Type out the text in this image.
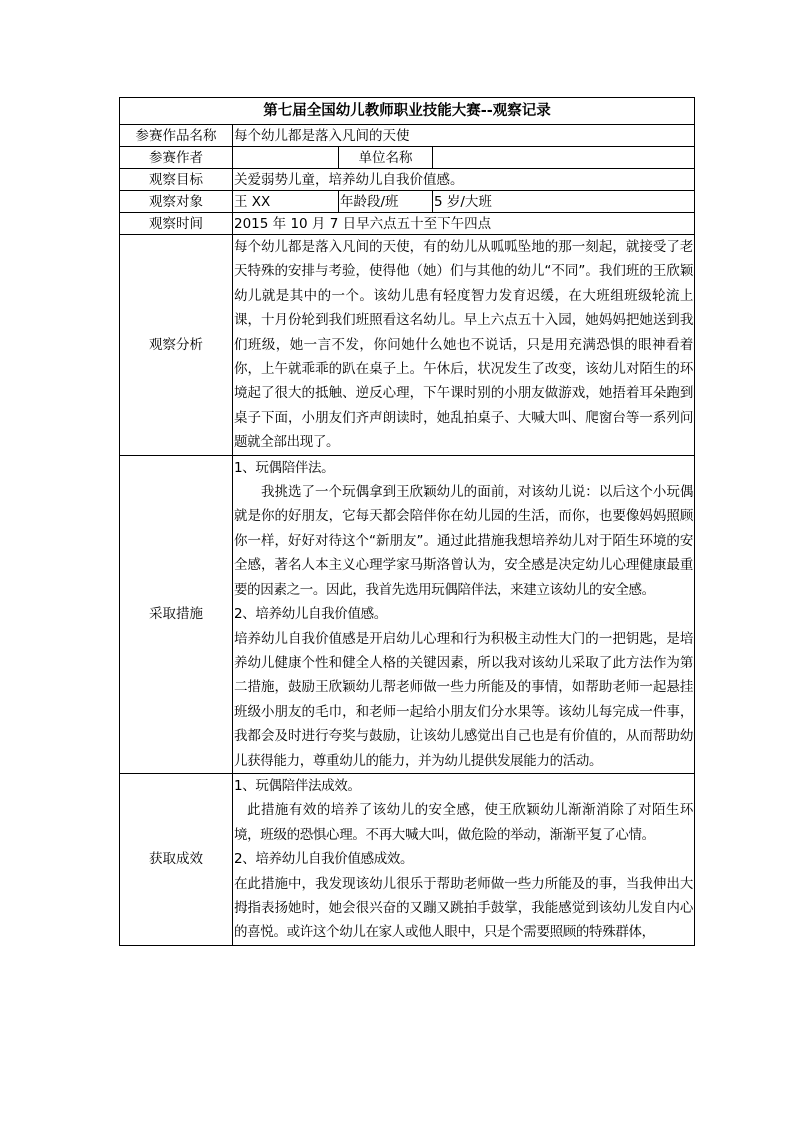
第七届全国幼儿教师职业技能大赛--观察记录			
参赛作品名称	每个幼儿都是落入凡间的天使		
参赛作者		单位名称	
观察目标	关爱弱势儿童，培养幼儿自我价值感。		
观察对象	王 XX	年龄段/班	5 岁/大班
观察时间	2015 年 10 月 7 日早六点五十至下午四点		
观察分析	每个幼儿都是落入凡间的天使，有的幼儿从呱呱坠地的那一刻起，就接受了老天特殊的安排与考验，使得他（她）们与其他的幼儿“不同”。我们班的王欣颖幼儿就是其中的一个。该幼儿患有轻度智力发育迟缓，在大班组班级轮流上课，十月份轮到我们班照看这名幼儿。早上六点五十入园，她妈妈把她送到我们班级，她一言不发，你问她什么她也不说话，只是用充满恐惧的眼神看着你，上午就乖乖的趴在桌子上。午休后，状况发生了改变，该幼儿对陌生的环境起了很大的抵触、逆反心理，下午课时别的小朋友做游戏，她捂着耳朵跑到桌子下面，小朋友们齐声朗读时，她乱拍桌子、大喊大叫、爬窗台等一系列问题就全部出现了。		

采取措施	1、玩偶陪伴法。

我挑选了一个玩偶拿到王欣颖幼儿的面前，对该幼儿说：以后这个小玩偶就是你的好朋友，它每天都会陪伴你在幼儿园的生活，而你，也要像妈妈照顾你一样，好好对待这个“新朋友”。通过此措施我想培养幼儿对于陌生环境的安全感，著名人本主义心理学家马斯洛曾认为，安全感是决定幼儿心理健康最重要的因素之一。因此，我首先选用玩偶陪伴法，来建立该幼儿的安全感。

2、培养幼儿自我价值感。

培养幼儿自我价值感是开启幼儿心理和行为积极主动性大门的一把钥匙，是培养幼儿健康个性和健全人格的关键因素，所以我对该幼儿采取了此方法作为第二措施，鼓励王欣颖幼儿帮老师做一些力所能及的事情，如帮助老师一起悬挂班级小朋友的毛巾，和老师一起给小朋友们分水果等。该幼儿每完成一件事，我都会及时进行夸奖与鼓励，让该幼儿感觉出自己也是有价值的，从而帮助幼儿获得能力，尊重幼儿的能力，并为幼儿提供发展能力的活动。		

获取成效	1、玩偶陪伴法成效。

此措施有效的培养了该幼儿的安全感，使王欣颖幼儿渐渐消除了对陌生环境，班级的恐惧心理。不再大喊大叫，做危险的举动，渐渐平复了心情。

2、培养幼儿自我价值感成效。

在此措施中，我发现该幼儿很乐于帮助老师做一些力所能及的事，当我伸出大拇指表扬她时，她会很兴奋的又蹦又跳拍手鼓掌，我能感觉到该幼儿发自内心的喜悦。或许这个幼儿在家人或他人眼中，只是个需要照顾的特殊群体，		
